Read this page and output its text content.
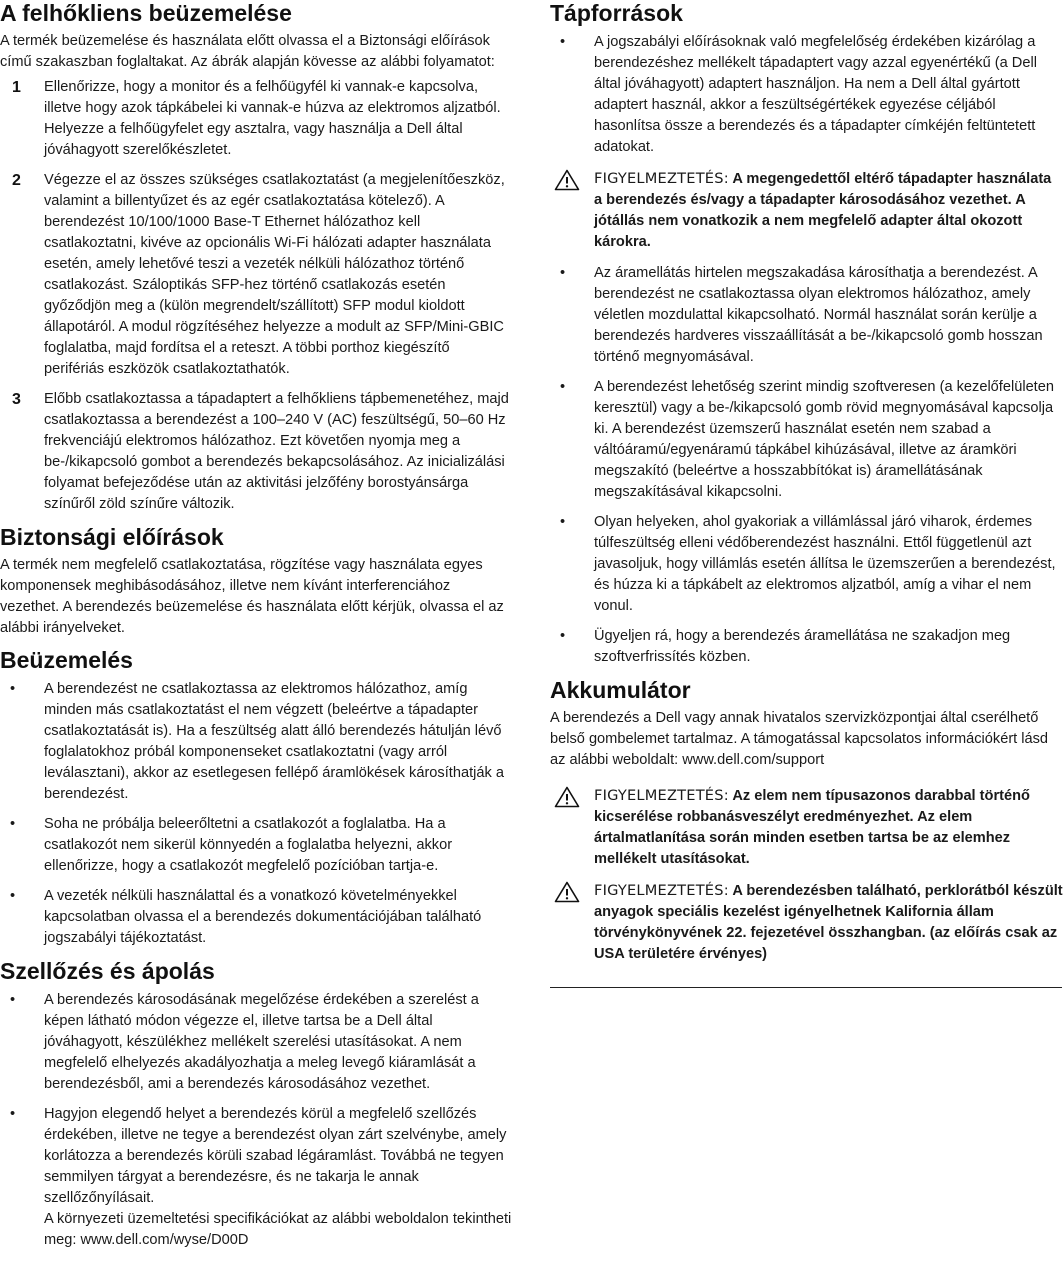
A felhőkliens beüzemelése

A termék beüzemelése és használata előtt olvassa el a Biztonsági előírások című szakaszban foglaltakat. Az ábrák alapján kövesse az alábbi folyamatot:

1	Ellenőrizze, hogy a monitor és a felhőügyfél ki vannak-e kapcsolva, illetve hogy azok tápkábelei ki vannak-e húzva az elektromos aljzatból. Helyezze a felhőügyfelet egy asztalra, vagy használja a Dell által jóváhagyott szerelőkészletet.
2	Végezze el az összes szükséges csatlakoztatást (a megjelenítőeszköz, valamint a billentyűzet és az egér csatlakoztatása kötelező). A berendezést 10/100/1000 Base-T Ethernet hálózathoz kell csatlakoztatni, kivéve az opcionális Wi-Fi hálózati adapter használata esetén, amely lehetővé teszi a vezeték nélküli hálózathoz történő csatlakozást. Száloptikás SFP-hez történő csatlakozás esetén győződjön meg a (külön megrendelt/szállított) SFP modul kioldott állapotáról. A modul rögzítéséhez helyezze a modult az SFP/Mini-GBIC foglalatba, majd fordítsa el a reteszt. A többi porthoz kiegészítő perifériás eszközök csatlakoztathatók.
3	Előbb csatlakoztassa a tápadaptert a felhőkliens tápbemenetéhez, majd csatlakoztassa a berendezést a 100–240 V (AC) feszültségű, 50–60 Hz frekvenciájú elektromos hálózathoz. Ezt követően nyomja meg a be-/kikapcsoló gombot a berendezés bekapcsolásához. Az inicializálási folyamat befejeződése után az aktivitási jelzőfény borostyánsárga színűről zöld színűre változik.
Biztonsági előírások

A termék nem megfelelő csatlakoztatása, rögzítése vagy használata egyes komponensek meghibásodásához, illetve nem kívánt interferenciához vezethet. A berendezés beüzemelése és használata előtt kérjük, olvassa el az alábbi irányelveket.

Beüzemelés
•	A berendezést ne csatlakoztassa az elektromos hálózathoz, amíg minden más csatlakoztatást el nem végzett (beleértve a tápadapter csatlakoztatását is). Ha a feszültség alatt álló berendezés hátulján lévő foglalatokhoz próbál komponenseket csatlakoztatni (vagy arról leválasztani), akkor az esetlegesen fellépő áramlökések károsíthatják a berendezést.
•	Soha ne próbálja beleerőltetni a csatlakozót a foglalatba. Ha a csatlakozót nem sikerül könnyedén a foglalatba helyezni, akkor ellenőrizze, hogy a csatlakozót megfelelő pozícióban tartja-e.
•	A vezeték nélküli használattal és a vonatkozó követelményekkel kapcsolatban olvassa el a berendezés dokumentációjában található jogszabályi tájékoztatást.
Szellőzés és ápolás
•	A berendezés károsodásának megelőzése érdekében a szerelést a képen látható módon végezze el, illetve tartsa be a Dell által jóváhagyott, készülékhez mellékelt szerelési utasításokat. A nem megfelelő elhelyezés akadályozhatja a meleg levegő kiáramlását a berendezésből, ami a berendezés károsodásához vezethet.
•	Hagyjon elegendő helyet a berendezés körül a megfelelő szellőzés érdekében, illetve ne tegye a berendezést olyan zárt szelvénybe, amely korlátozza a berendezés körüli szabad légáramlást. Továbbá ne tegyen semmilyen tárgyat a berendezésre, és ne takarja le annak szellőzőnyílásait.
A környezeti üzemeltetési specifikációkat az alábbi weboldalon tekintheti meg: www.dell.com/wyse/D00D
Tápforrások
•	A jogszabályi előírásoknak való megfelelőség érdekében kizárólag a berendezéshez mellékelt tápadaptert vagy azzal egyenértékű (a Dell által jóváhagyott) adaptert használjon. Ha nem a Dell által gyártott adaptert használ, akkor a feszültségértékek egyezése céljából hasonlítsa össze a berendezés és a tápadapter címkéjén feltüntetett adatokat.
FIGYELMEZTETÉS: A megengedettől eltérő tápadapter használata a berendezés és/vagy a tápadapter károsodásához vezethet. A jótállás nem vonatkozik a nem megfelelő adapter által okozott károkra.
•	Az áramellátás hirtelen megszakadása károsíthatja a berendezést. A berendezést ne csatlakoztassa olyan elektromos hálózathoz, amely véletlen mozdulattal kikapcsolható. Normál használat során kerülje a berendezés hardveres visszaállítását a be-/kikapcsoló gomb hosszan történő megnyomásával.
•	A berendezést lehetőség szerint mindig szoftveresen (a kezelőfelületen keresztül) vagy a be-/kikapcsoló gomb rövid megnyomásával kapcsolja ki. A berendezést üzemszerű használat esetén nem szabad a váltóáramú/egyenáramú tápkábel kihúzásával, illetve az áramköri megszakító (beleértve a hosszabbítókat is) áramellátásának megszakításával kikapcsolni.
•	Olyan helyeken, ahol gyakoriak a villámlással járó viharok, érdemes túlfeszültség elleni védőberendezést használni. Ettől függetlenül azt javasoljuk, hogy villámlás esetén állítsa le üzemszerűen a berendezést, és húzza ki a tápkábelt az elektromos aljzatból, amíg a vihar el nem vonul.
•	Ügyeljen rá, hogy a berendezés áramellátása ne szakadjon meg szoftverfrissítés közben.
Akkumulátor

A berendezés a Dell vagy annak hivatalos szervizközpontjai által cserélhető belső gombelemet tartalmaz. A támogatással kapcsolatos információkért lásd az alábbi weboldalt: www.dell.com/support

FIGYELMEZTETÉS: Az elem nem típusazonos darabbal történő kicserélése robbanásveszélyt eredményezhet. Az elem ártalmatlanítása során minden esetben tartsa be az elemhez mellékelt utasításokat.
FIGYELMEZTETÉS: A berendezésben található, perklorátból készült anyagok speciális kezelést igényelhetnek Kalifornia állam törvénykönyvének 22. fejezetével összhangban. (az előírás csak az USA területére érvényes)
